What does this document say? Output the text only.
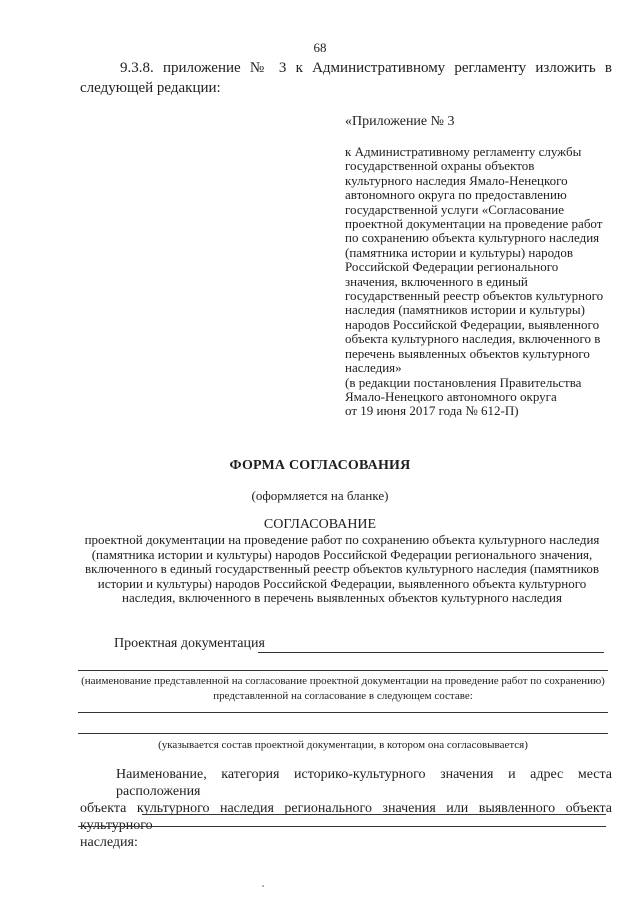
68
9.3.8. приложение № 3 к Административному регламенту изложить в
следующей редакции:
«Приложение № 3
к Административному регламенту службы
государственной охраны объектов
культурного наследия Ямало-Ненецкого
автономного округа по предоставлению
государственной услуги «Согласование
проектной документации на проведение работ
по сохранению объекта культурного наследия
(памятника истории и культуры) народов
Российской Федерации регионального
значения, включенного в единый
государственный реестр объектов культурного
наследия (памятников истории и культуры)
народов Российской Федерации, выявленного
объекта культурного наследия, включенного в
перечень выявленных объектов культурного
наследия»
(в редакции постановления Правительства
Ямало-Ненецкого автономного округа
от 19 июня 2017 года № 612-П)
ФОРМА СОГЛАСОВАНИЯ
(оформляется на бланке)
СОГЛАСОВАНИЕ
проектной документации на проведение работ по сохранению объекта культурного наследия
(памятника истории и культуры) народов Российской Федерации регионального значения,
включенного в единый государственный реестр объектов культурного наследия (памятников
истории и культуры) народов Российской Федерации, выявленного объекта культурного
наследия, включенного в перечень выявленных объектов культурного наследия
Проектная документация
(наименование представленной на согласование проектной документации на проведение работ по сохранению)
представленной на согласование в следующем составе:
(указывается состав проектной документации, в котором она согласовывается)
Наименование, категория историко-культурного значения и адрес места расположения
объекта культурного наследия регионального значения или выявленного объекта культурного
наследия:
